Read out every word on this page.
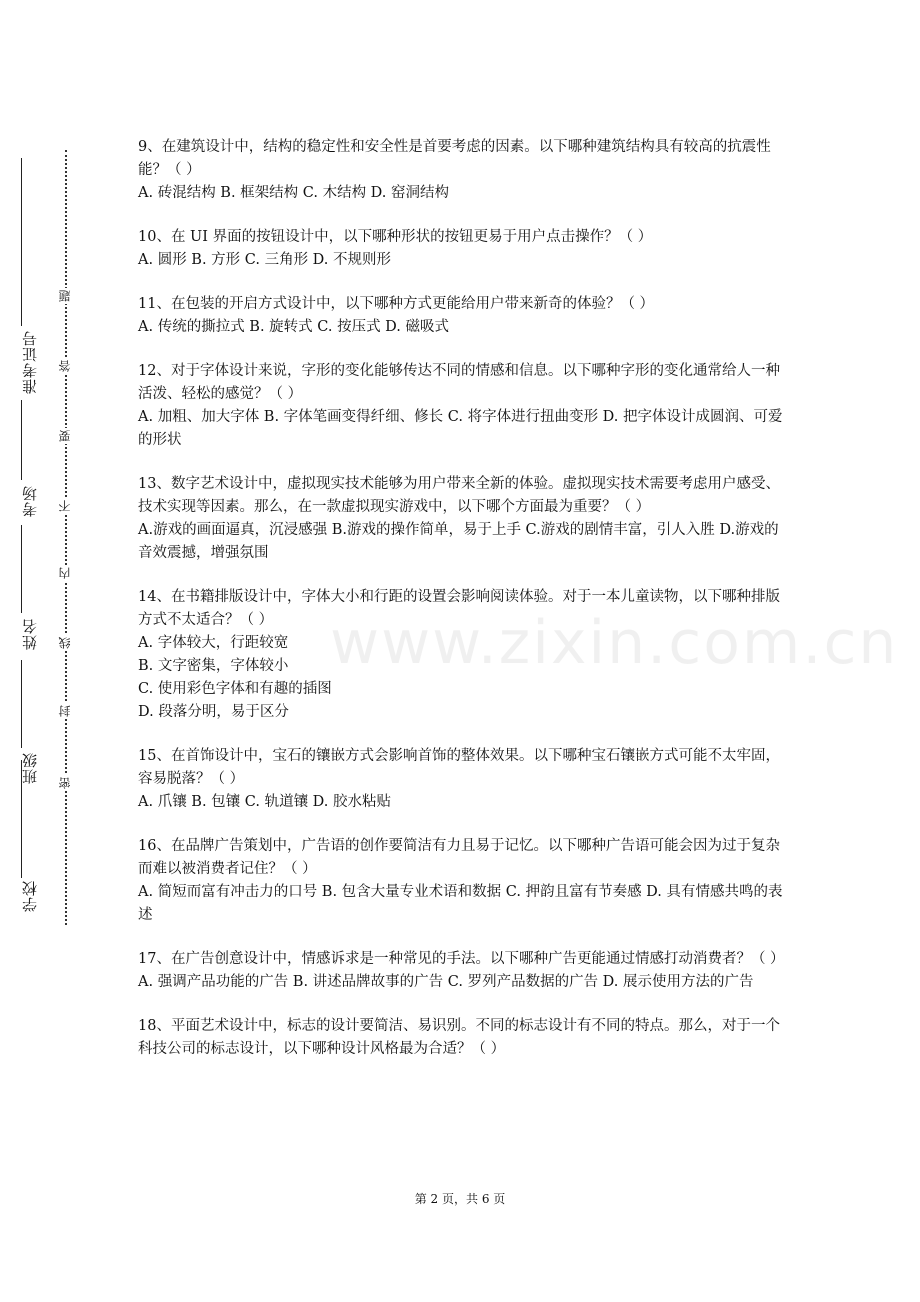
学校
班级
姓名
考场
准考证号
密
封
线
内
不
要
答
题
www.zixin.com.cn
9、在建筑设计中，结构的稳定性和安全性是首要考虑的因素。以下哪种建筑结构具有较高的抗震性能？（ ）
A. 砖混结构 B. 框架结构 C. 木结构 D. 窑洞结构
10、在 UI 界面的按钮设计中，以下哪种形状的按钮更易于用户点击操作？（ ）
A. 圆形 B. 方形 C. 三角形 D. 不规则形
11、在包装的开启方式设计中，以下哪种方式更能给用户带来新奇的体验？（ ）
A. 传统的撕拉式 B. 旋转式 C. 按压式 D. 磁吸式
12、对于字体设计来说，字形的变化能够传达不同的情感和信息。以下哪种字形的变化通常给人一种活泼、轻松的感觉？（ ）
A. 加粗、加大字体 B. 字体笔画变得纤细、修长 C. 将字体进行扭曲变形 D. 把字体设计成圆润、可爱的形状
13、数字艺术设计中，虚拟现实技术能够为用户带来全新的体验。虚拟现实技术需要考虑用户感受、技术实现等因素。那么，在一款虚拟现实游戏中，以下哪个方面最为重要？（ ）
A.游戏的画面逼真，沉浸感强 B.游戏的操作简单，易于上手 C.游戏的剧情丰富，引人入胜 D.游戏的音效震撼，增强氛围
14、在书籍排版设计中，字体大小和行距的设置会影响阅读体验。对于一本儿童读物，以下哪种排版方式不太适合？（ ）
A. 字体较大，行距较宽
B. 文字密集，字体较小
C. 使用彩色字体和有趣的插图
D. 段落分明，易于区分
15、在首饰设计中，宝石的镶嵌方式会影响首饰的整体效果。以下哪种宝石镶嵌方式可能不太牢固，容易脱落？（ ）
A. 爪镶 B. 包镶 C. 轨道镶 D. 胶水粘贴
16、在品牌广告策划中，广告语的创作要简洁有力且易于记忆。以下哪种广告语可能会因为过于复杂而难以被消费者记住？（ ）
A. 简短而富有冲击力的口号 B. 包含大量专业术语和数据 C. 押韵且富有节奏感 D. 具有情感共鸣的表述
17、在广告创意设计中，情感诉求是一种常见的手法。以下哪种广告更能通过情感打动消费者？（ ）
A. 强调产品功能的广告 B. 讲述品牌故事的广告 C. 罗列产品数据的广告 D. 展示使用方法的广告
18、平面艺术设计中，标志的设计要简洁、易识别。不同的标志设计有不同的特点。那么，对于一个科技公司的标志设计，以下哪种设计风格最为合适？（ ）
第 2 页，共 6 页
